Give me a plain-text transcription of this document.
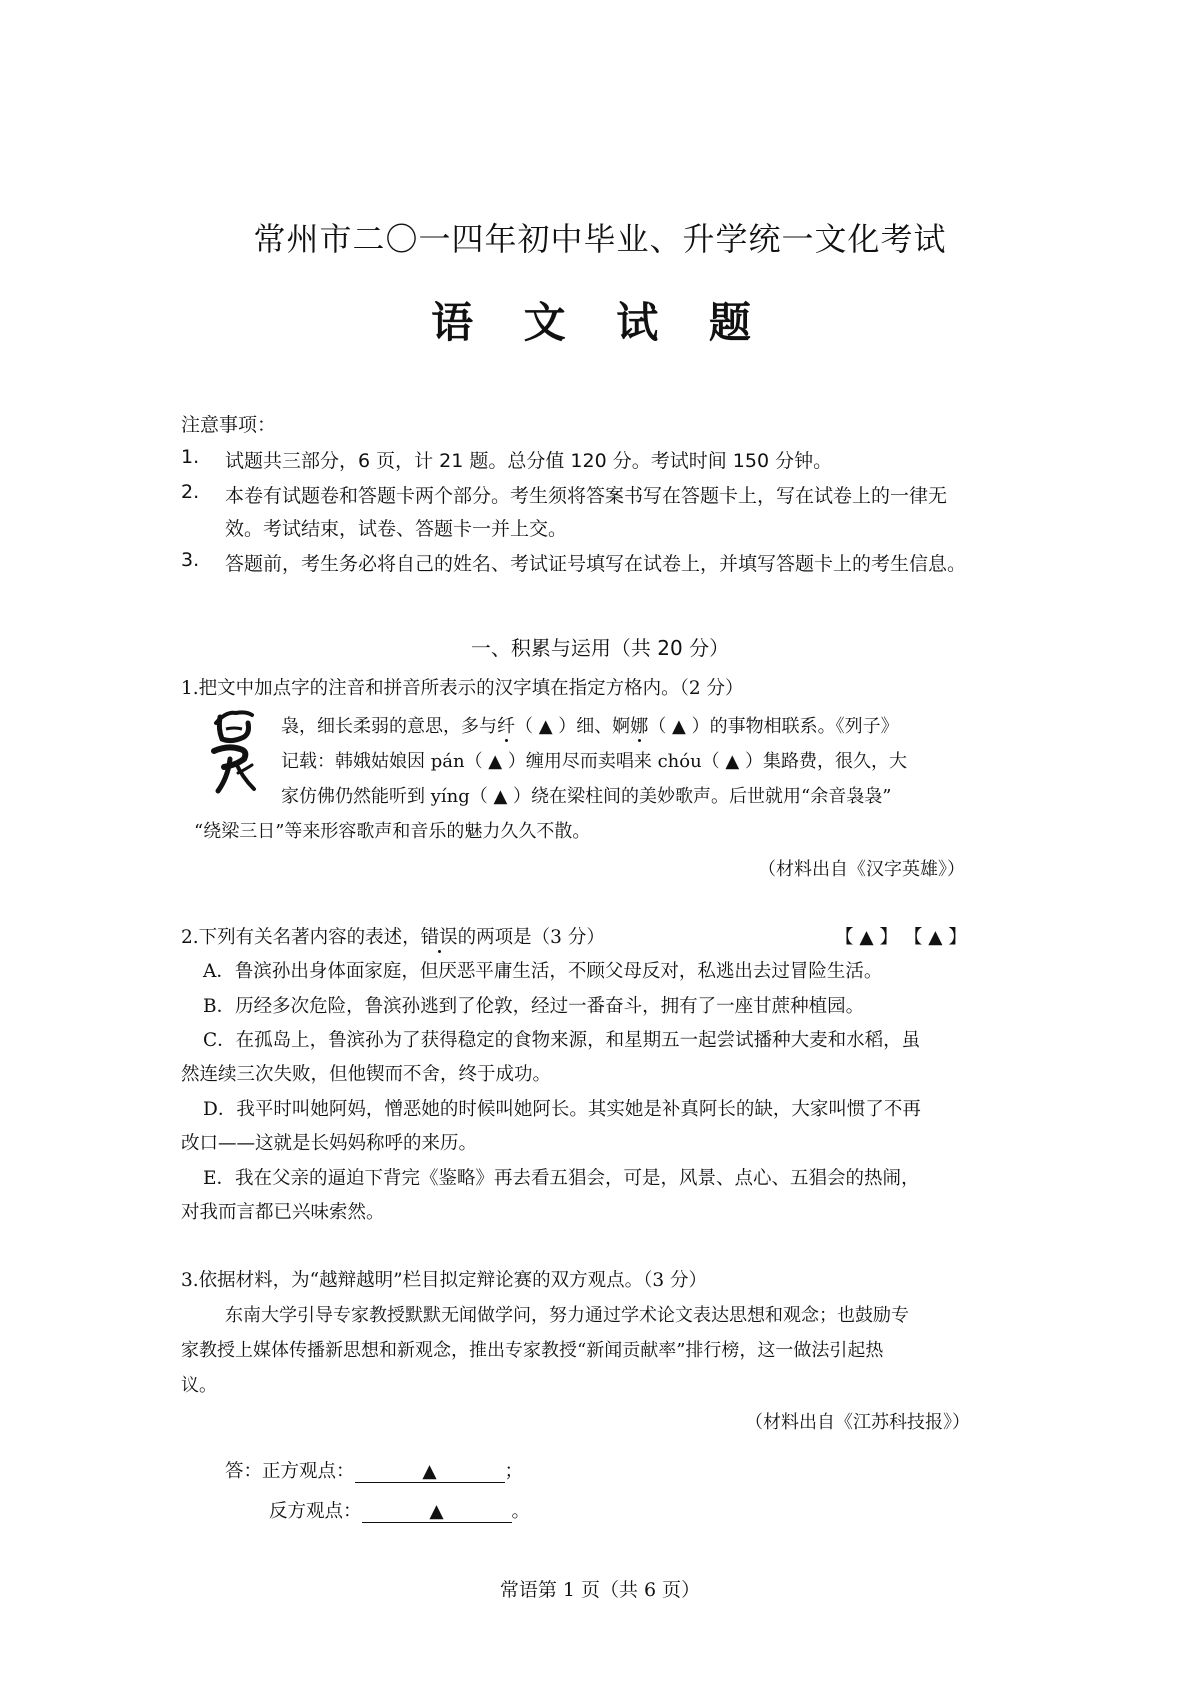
常州市二〇一四年初中毕业、升学统一文化考试
语 文 试 题
注意事项：
1. 试题共三部分，6 页，计 21 题。总分值 120 分。考试时间 150 分钟。
2. 本卷有试题卷和答题卡两个部分。考生须将答案书写在答题卡上，写在试卷上的一律无
效。考试结束，试卷、答题卡一并上交。
3. 答题前，考生务必将自己的姓名、考试证号填写在试卷上，并填写答题卡上的考生信息。
一、积累与运用（共 20 分）
1.把文中加点字的注音和拼音所表示的汉字填在指定方格内。（2 分）
袅，细长柔弱的意思，多与纤（ ▲ ）细、婀娜（ ▲ ）的事物相联系。《列子》
记载：韩娥姑娘因 pán（ ▲ ）缠用尽而卖唱来 chóu（ ▲ ）集路费，很久，大
家仿佛仍然能听到 yíng（ ▲ ）绕在梁柱间的美妙歌声。后世就用“余音袅袅”
“绕梁三日”等来形容歌声和音乐的魅力久久不散。
（材料出自《汉字英雄》）
2.下列有关名著内容的表述，错误的两项是（3 分）	【 ▲ 】 【 ▲ 】
A．鲁滨孙出身体面家庭，但厌恶平庸生活，不顾父母反对，私逃出去过冒险生活。
B．历经多次危险，鲁滨孙逃到了伦敦，经过一番奋斗，拥有了一座甘蔗种植园。
C．在孤岛上，鲁滨孙为了获得稳定的食物来源，和星期五一起尝试播种大麦和水稻，虽
然连续三次失败，但他锲而不舍，终于成功。
D．我平时叫她阿妈，憎恶她的时候叫她阿长。其实她是补真阿长的缺，大家叫惯了不再
改口——这就是长妈妈称呼的来历。
E．我在父亲的逼迫下背完《鉴略》再去看五猖会，可是，风景、点心、五猖会的热闹，
对我而言都已兴味索然。
3.依据材料，为“越辩越明”栏目拟定辩论赛的双方观点。（3 分）
东南大学引导专家教授默默无闻做学问，努力通过学术论文表达思想和观念；也鼓励专
家教授上媒体传播新思想和新观念，推出专家教授“新闻贡献率”排行榜，这一做法引起热
议。
（材料出自《江苏科技报》）
答：正方观点：	▲	；
反方观点：	▲	。
常语第 1 页（共 6 页）
